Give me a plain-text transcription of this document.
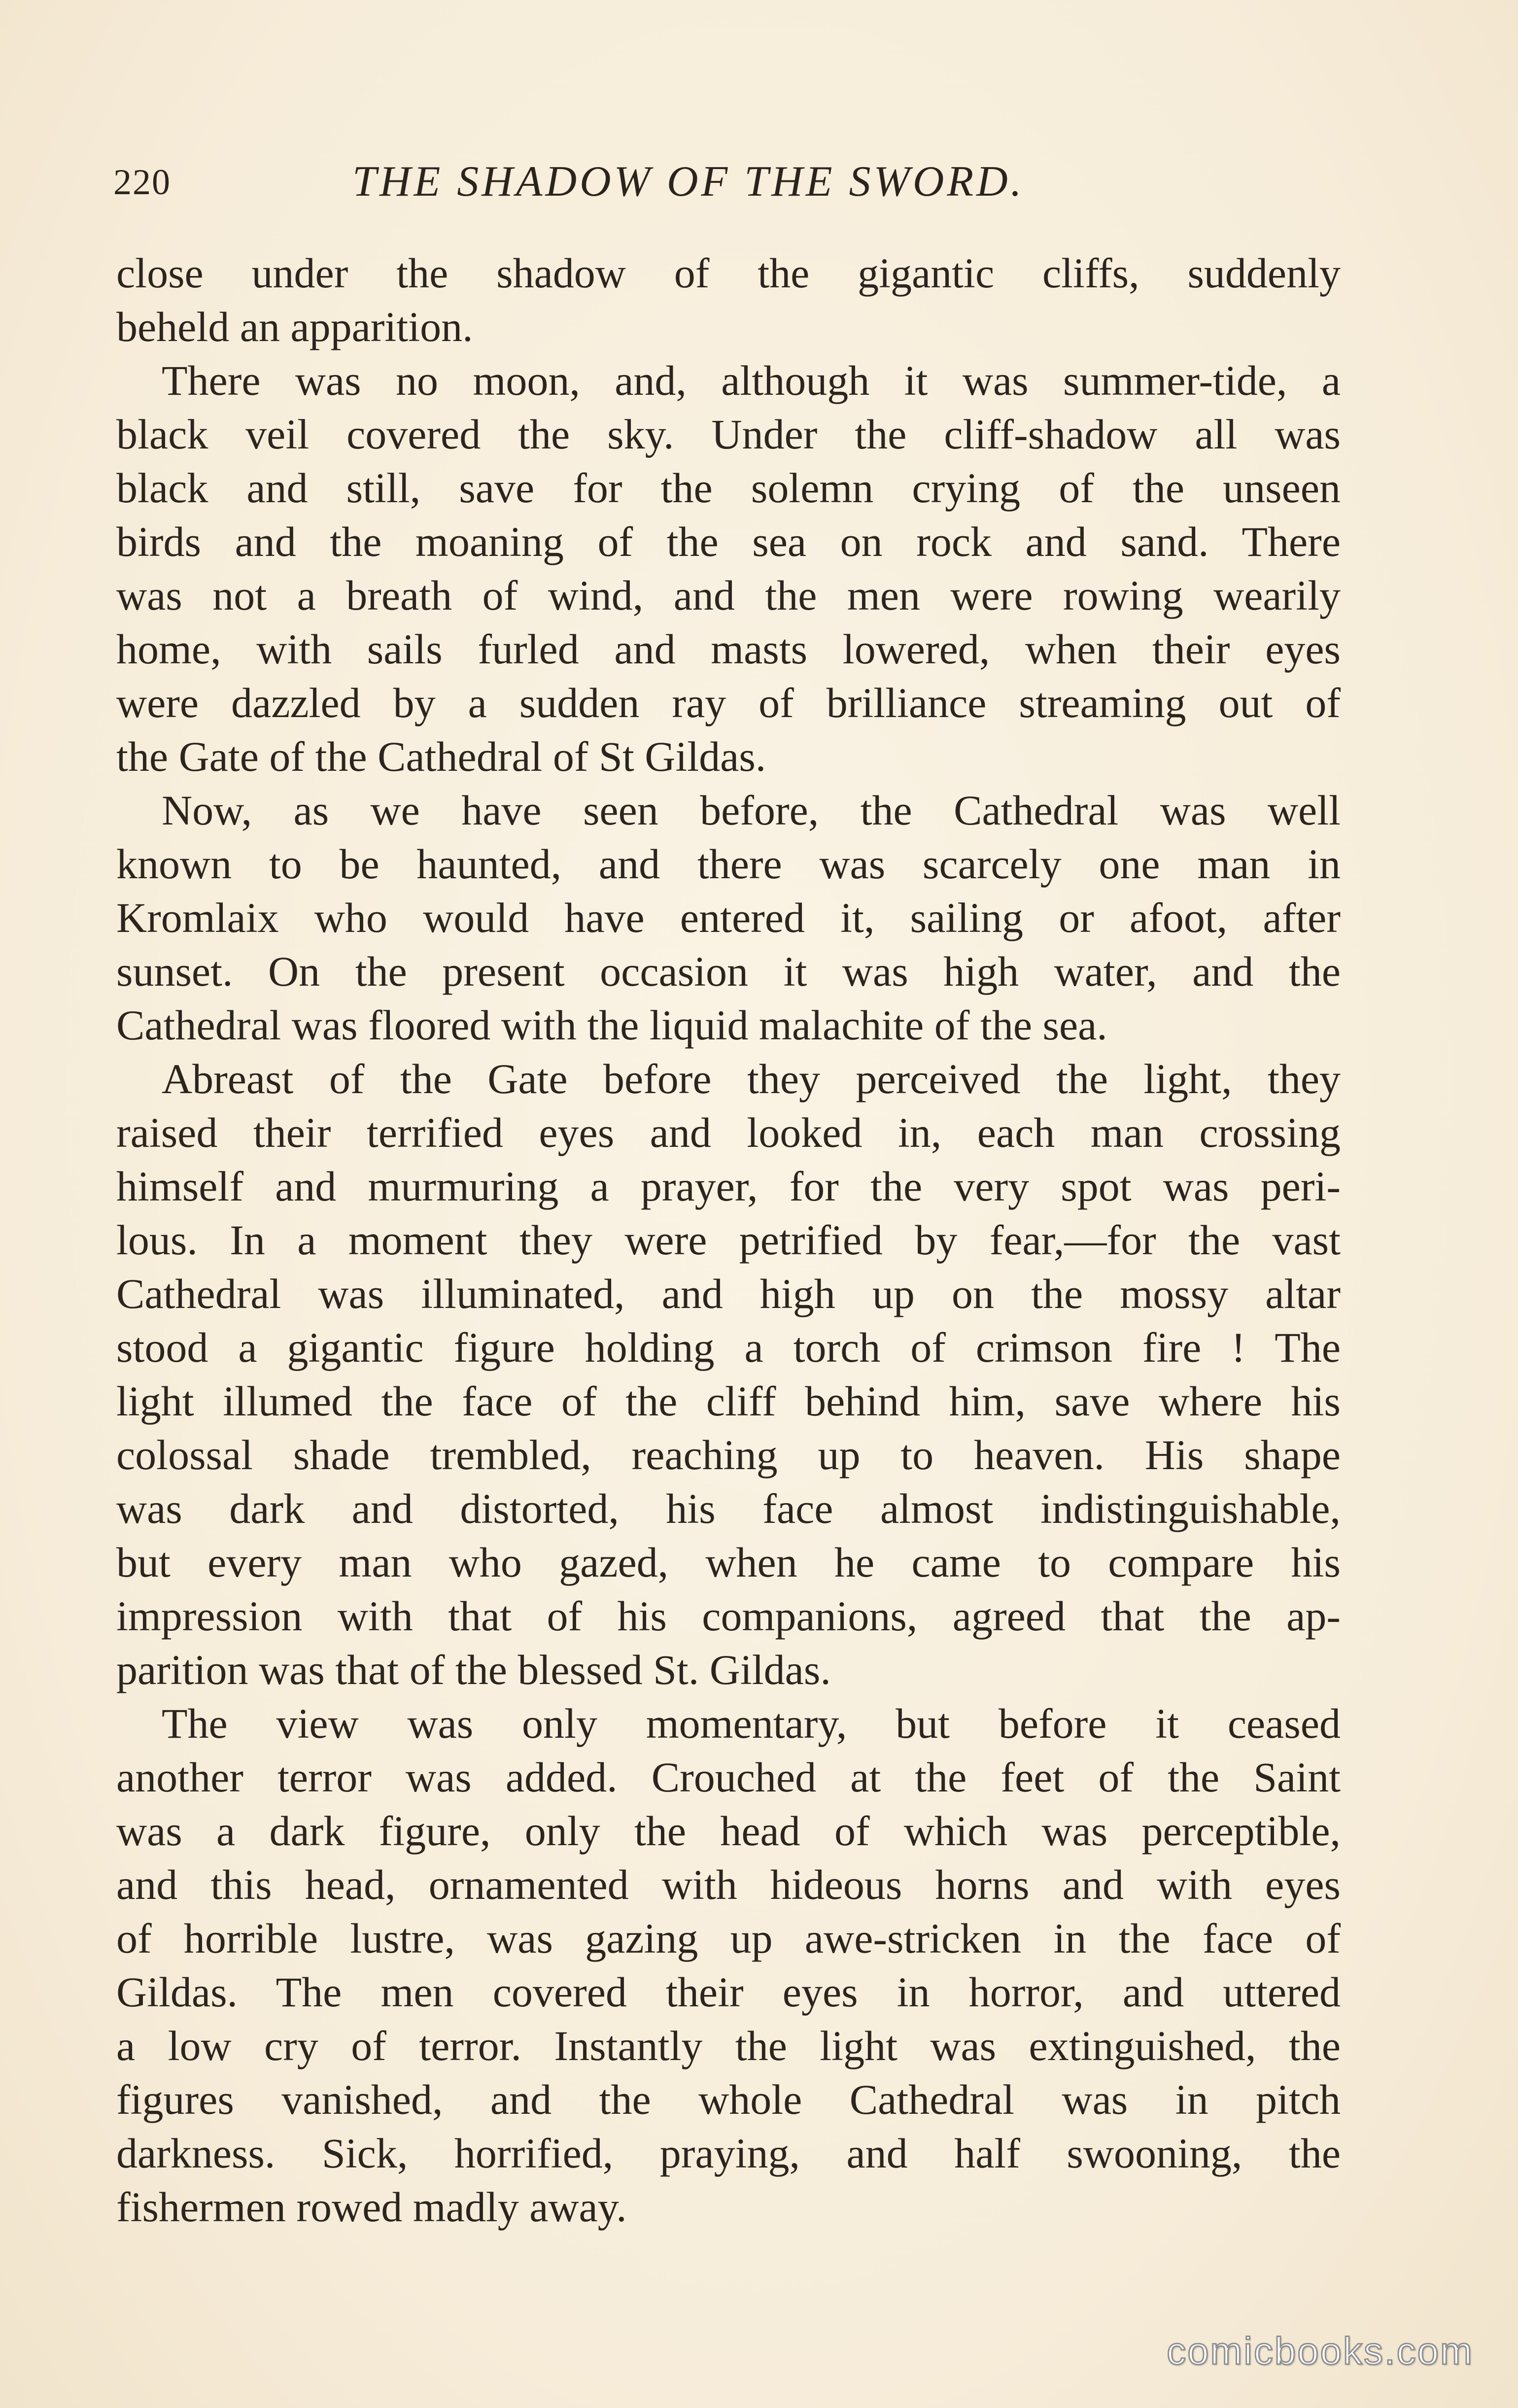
220	THE SHADOW OF THE SWORD.

close under the shadow of the gigantic cliffs, suddenly

beheld an apparition.

There was no moon, and, although it was summer-tide, a

black veil covered the sky. Under the cliff-shadow all was

black and still, save for the solemn crying of the unseen

birds and the moaning of the sea on rock and sand. There

was not a breath of wind, and the men were rowing wearily

home, with sails furled and masts lowered, when their eyes

were dazzled by a sudden ray of brilliance streaming out of

the Gate of the Cathedral of St Gildas.

Now, as we have seen before, the Cathedral was well

known to be haunted, and there was scarcely one man in

Kromlaix who would have entered it, sailing or afoot, after

sunset. On the present occasion it was high water, and the

Cathedral was floored with the liquid malachite of the sea.

Abreast of the Gate before they perceived the light, they

raised their terrified eyes and looked in, each man crossing

himself and murmuring a prayer, for the very spot was peri-

lous. In a moment they were petrified by fear,—for the vast

Cathedral was illuminated, and high up on the mossy altar

stood a gigantic figure holding a torch of crimson fire ! The

light illumed the face of the cliff behind him, save where his

colossal shade trembled, reaching up to heaven. His shape

was dark and distorted, his face almost indistinguishable,

but every man who gazed, when he came to compare his

impression with that of his companions, agreed that the ap-

parition was that of the blessed St. Gildas.

The view was only momentary, but before it ceased

another terror was added. Crouched at the feet of the Saint

was a dark figure, only the head of which was perceptible,

and this head, ornamented with hideous horns and with eyes

of horrible lustre, was gazing up awe-stricken in the face of

Gildas. The men covered their eyes in horror, and uttered

a low cry of terror. Instantly the light was extinguished, the

figures vanished, and the whole Cathedral was in pitch

darkness. Sick, horrified, praying, and half swooning, the

fishermen rowed madly away.

comicbooks.com
